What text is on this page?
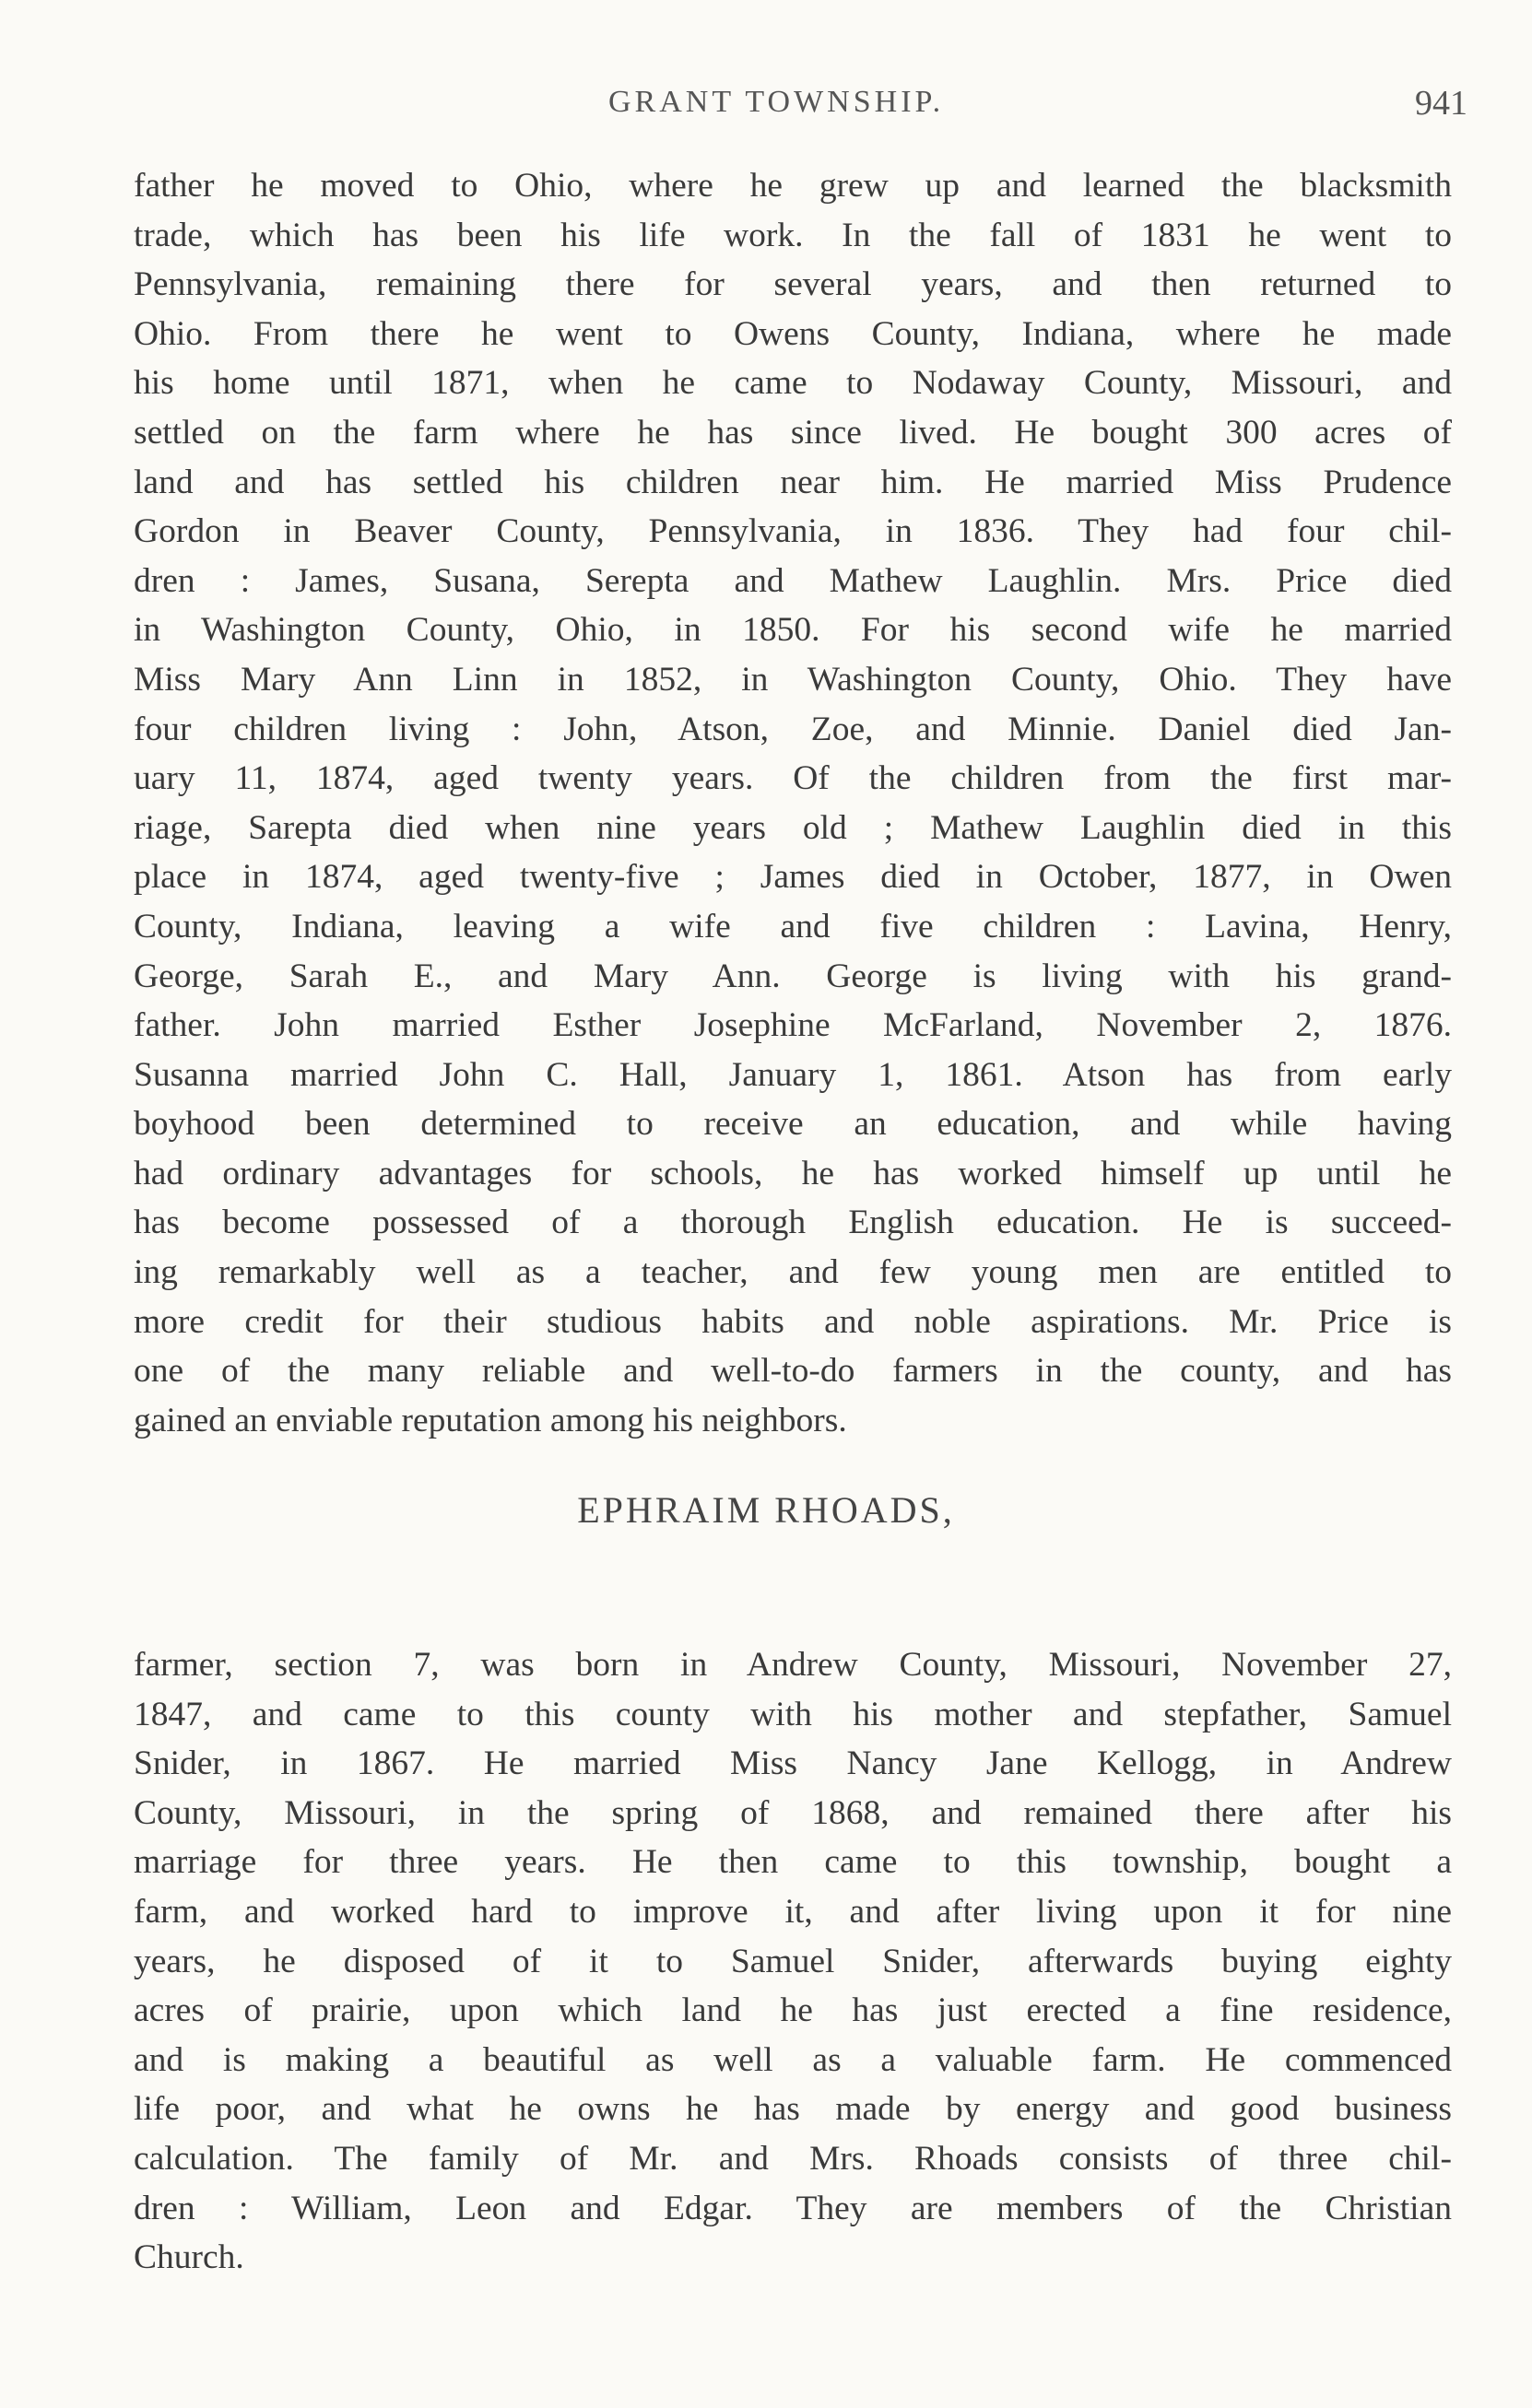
GRANT TOWNSHIP.	941
father he moved to Ohio, where he grew up and learned the blacksmith
trade, which has been his life work. In the fall of 1831 he went to
Pennsylvania, remaining there for several years, and then returned to
Ohio. From there he went to Owens County, Indiana, where he made
his home until 1871, when he came to Nodaway County, Missouri, and
settled on the farm where he has since lived. He bought 300 acres of
land and has settled his children near him. He married Miss Prudence
Gordon in Beaver County, Pennsylvania, in 1836. They had four chil-
dren : James, Susana, Serepta and Mathew Laughlin. Mrs. Price died
in Washington County, Ohio, in 1850. For his second wife he married
Miss Mary Ann Linn in 1852, in Washington County, Ohio. They have
four children living : John, Atson, Zoe, and Minnie. Daniel died Jan-
uary 11, 1874, aged twenty years. Of the children from the first mar-
riage, Sarepta died when nine years old ; Mathew Laughlin died in this
place in 1874, aged twenty-five ; James died in October, 1877, in Owen
County, Indiana, leaving a wife and five children : Lavina, Henry,
George, Sarah E., and Mary Ann. George is living with his grand-
father. John married Esther Josephine McFarland, November 2, 1876.
Susanna married John C. Hall, January 1, 1861. Atson has from early
boyhood been determined to receive an education, and while having
had ordinary advantages for schools, he has worked himself up until he
has become possessed of a thorough English education. He is succeed-
ing remarkably well as a teacher, and few young men are entitled to
more credit for their studious habits and noble aspirations. Mr. Price is
one of the many reliable and well-to-do farmers in the county, and has
gained an enviable reputation among his neighbors.
EPHRAIM RHOADS,
farmer, section 7, was born in Andrew County, Missouri, November 27,
1847, and came to this county with his mother and stepfather, Samuel
Snider, in 1867. He married Miss Nancy Jane Kellogg, in Andrew
County, Missouri, in the spring of 1868, and remained there after his
marriage for three years. He then came to this township, bought a
farm, and worked hard to improve it, and after living upon it for nine
years, he disposed of it to Samuel Snider, afterwards buying eighty
acres of prairie, upon which land he has just erected a fine residence,
and is making a beautiful as well as a valuable farm. He commenced
life poor, and what he owns he has made by energy and good business
calculation. The family of Mr. and Mrs. Rhoads consists of three chil-
dren : William, Leon and Edgar. They are members of the Christian
Church.
